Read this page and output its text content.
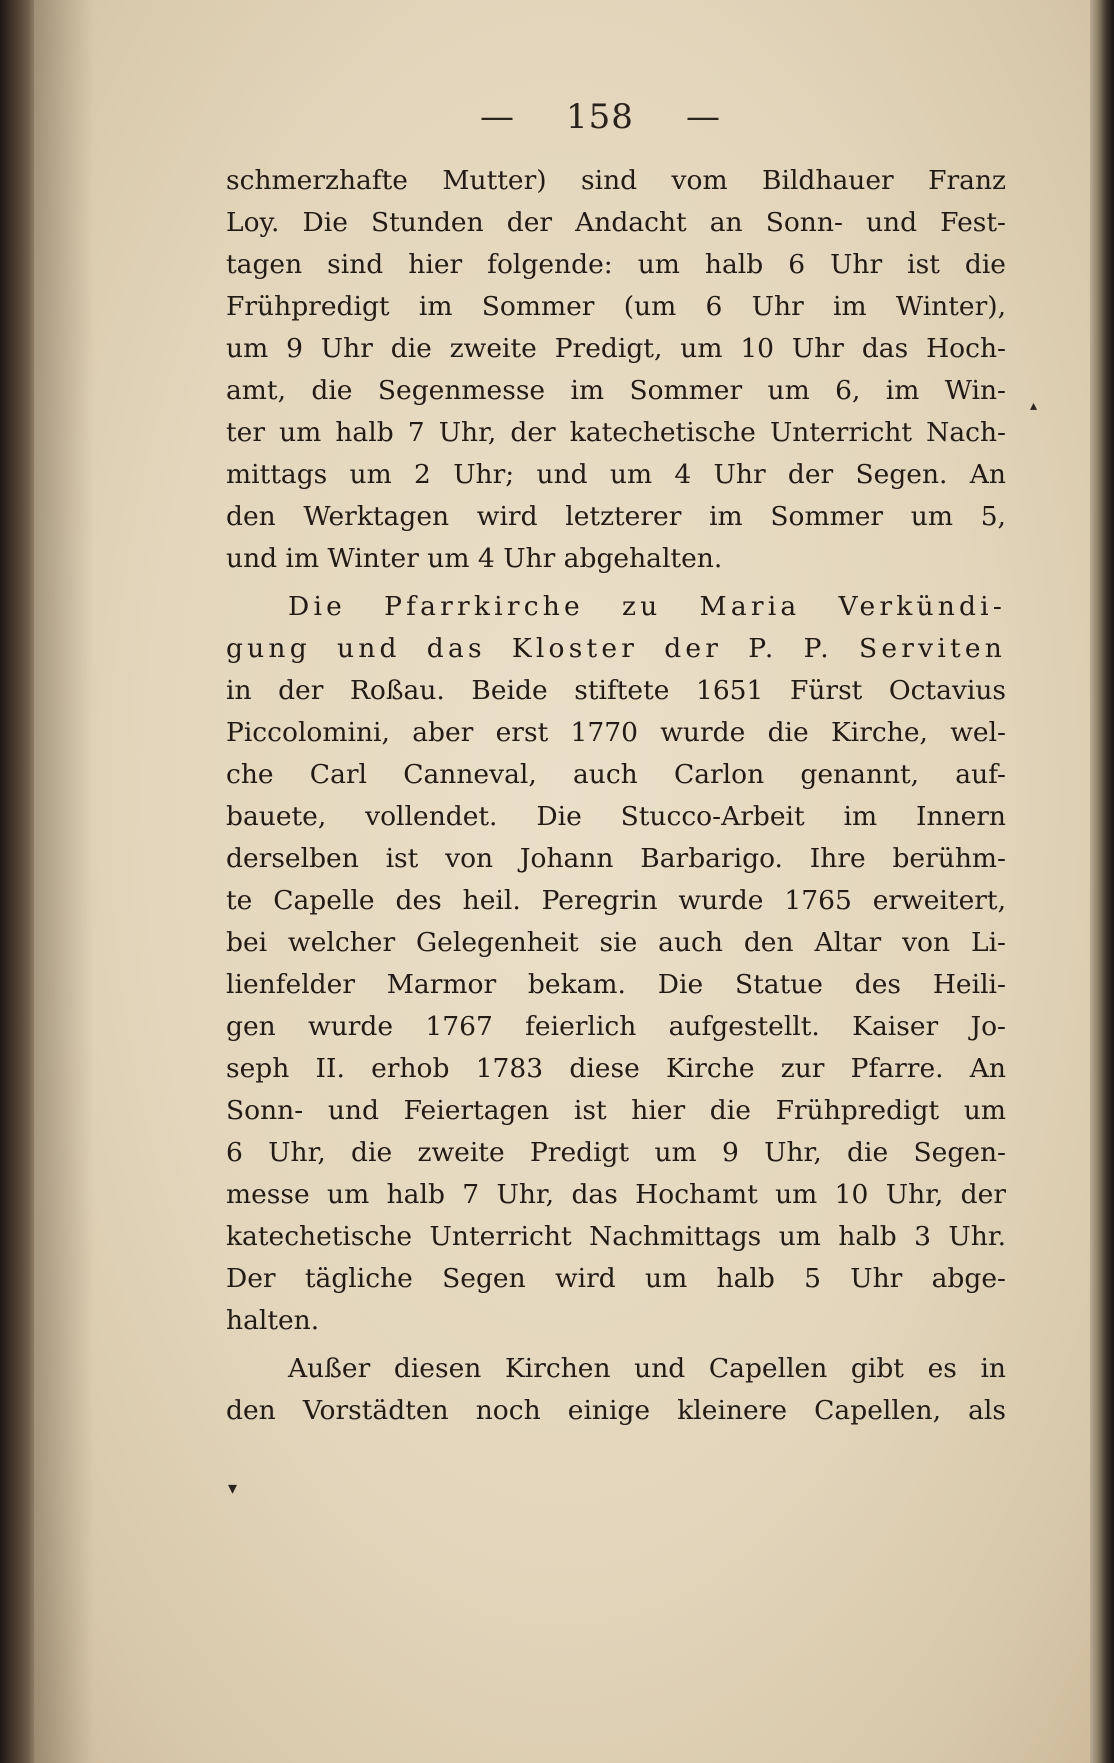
— 158 —
schmerzhafte Mutter) sind vom Bildhauer Franz
Loy. Die Stunden der Andacht an Sonn- und Fest-
tagen sind hier folgende: um halb 6 Uhr ist die
Frühpredigt im Sommer (um 6 Uhr im Winter),
um 9 Uhr die zweite Predigt, um 10 Uhr das Hoch-
amt, die Segenmesse im Sommer um 6, im Win-
ter um halb 7 Uhr, der katechetische Unterricht Nach-
mittags um 2 Uhr; und um 4 Uhr der Segen. An
den Werktagen wird letzterer im Sommer um 5,
und im Winter um 4 Uhr abgehalten.
Die Pfarrkirche zu Maria Verkündi-
gung und das Kloster der P. P. Serviten
in der Roßau. Beide stiftete 1651 Fürst Octavius
Piccolomini, aber erst 1770 wurde die Kirche, wel-
che Carl Canneval, auch Carlon genannt, auf-
bauete, vollendet. Die Stucco-Arbeit im Innern
derselben ist von Johann Barbarigo. Ihre berühm-
te Capelle des heil. Peregrin wurde 1765 erweitert,
bei welcher Gelegenheit sie auch den Altar von Li-
lienfelder Marmor bekam. Die Statue des Heili-
gen wurde 1767 feierlich aufgestellt. Kaiser Jo-
seph II. erhob 1783 diese Kirche zur Pfarre. An
Sonn- und Feiertagen ist hier die Frühpredigt um
6 Uhr, die zweite Predigt um 9 Uhr, die Segen-
messe um halb 7 Uhr, das Hochamt um 10 Uhr, der
katechetische Unterricht Nachmittags um halb 3 Uhr.
Der tägliche Segen wird um halb 5 Uhr abge-
halten.
Außer diesen Kirchen und Capellen gibt es in
den Vorstädten noch einige kleinere Capellen, als
▴
▾
